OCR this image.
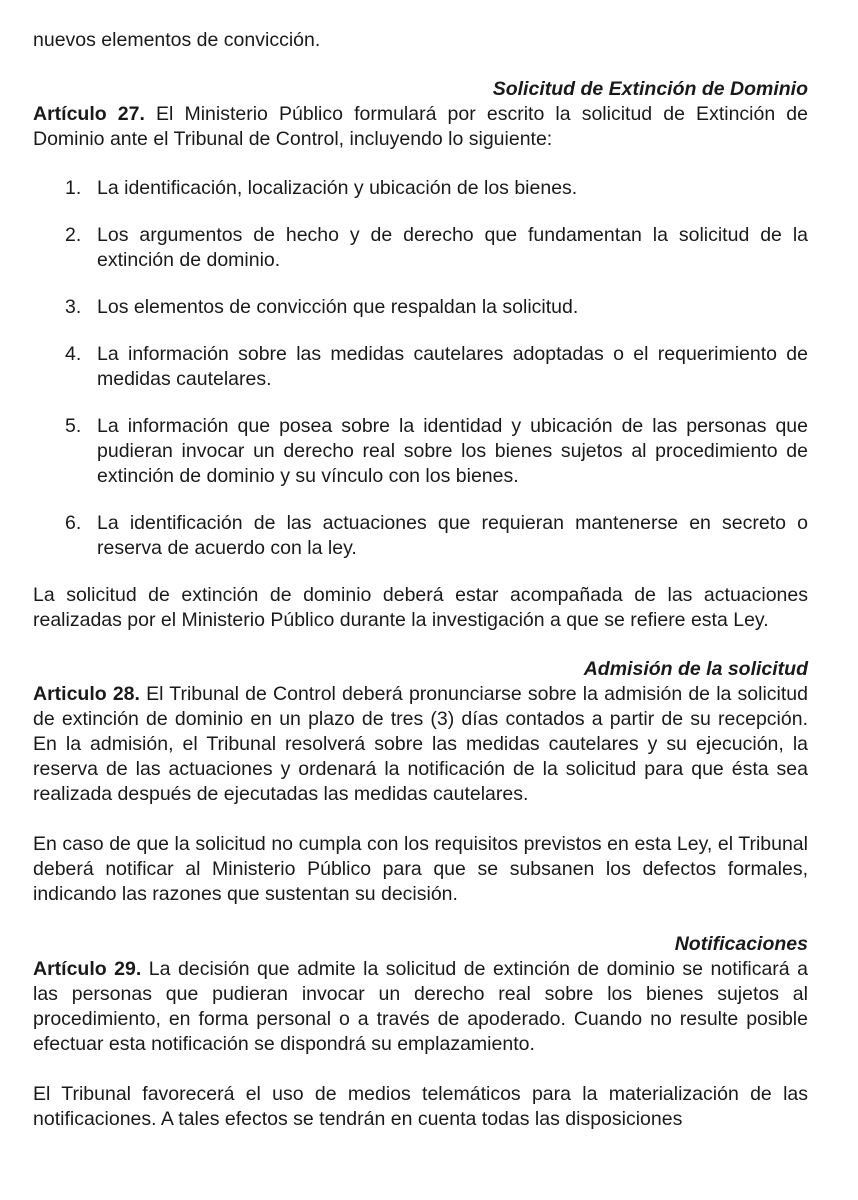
nuevos elementos de convicción.

Solicitud de Extinción de Dominio

Artículo 27. El Ministerio Público formulará por escrito la solicitud de Extinción de Dominio ante el Tribunal de Control, incluyendo lo siguiente:

1. La identificación, localización y ubicación de los bienes.
2. Los argumentos de hecho y de derecho que fundamentan la solicitud de la extinción de dominio.
3. Los elementos de convicción que respaldan la solicitud.
4. La información sobre las medidas cautelares adoptadas o el requerimiento de medidas cautelares.
5. La información que posea sobre la identidad y ubicación de las personas que pudieran invocar un derecho real sobre los bienes sujetos al procedimiento de extinción de dominio y su vínculo con los bienes.
6. La identificación de las actuaciones que requieran mantenerse en secreto o reserva de acuerdo con la ley.

La solicitud de extinción de dominio deberá estar acompañada de las actuaciones realizadas por el Ministerio Público durante la investigación a que se refiere esta Ley.

Admisión de la solicitud

Articulo 28. El Tribunal de Control deberá pronunciarse sobre la admisión de la solicitud de extinción de dominio en un plazo de tres (3) días contados a partir de su recepción. En la admisión, el Tribunal resolverá sobre las medidas cautelares y su ejecución, la reserva de las actuaciones y ordenará la notificación de la solicitud para que ésta sea realizada después de ejecutadas las medidas cautelares.

En caso de que la solicitud no cumpla con los requisitos previstos en esta Ley, el Tribunal deberá notificar al Ministerio Público para que se subsanen los defectos formales, indicando las razones que sustentan su decisión.

Notificaciones

Artículo 29. La decisión que admite la solicitud de extinción de dominio se notificará a las personas que pudieran invocar un derecho real sobre los bienes sujetos al procedimiento, en forma personal o a través de apoderado. Cuando no resulte posible efectuar esta notificación se dispondrá su emplazamiento.

El Tribunal favorecerá el uso de medios telemáticos para la materialización de las notificaciones. A tales efectos se tendrán en cuenta todas las disposiciones
